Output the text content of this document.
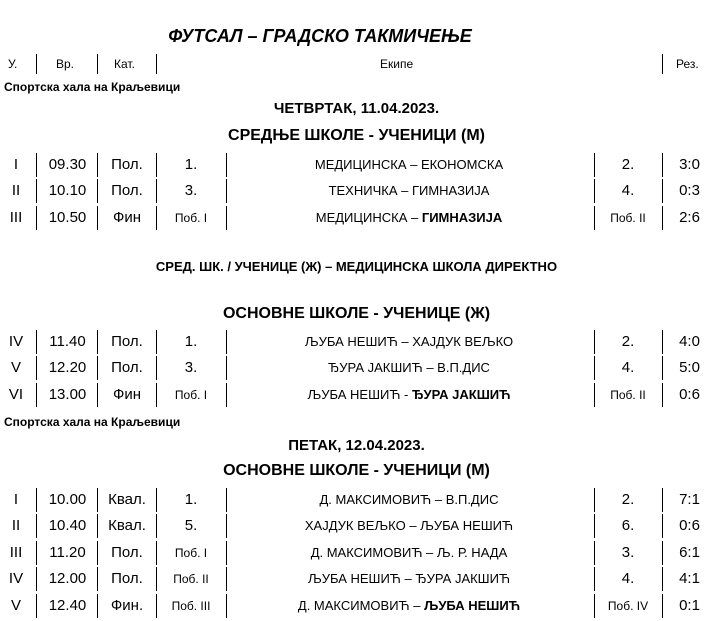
ФУТСАЛ – ГРАДСКО ТАКМИЧЕЊЕ
У.	Вр.	Кат.	Екипе	Рез.
Спортска хала на Краљевици
ЧЕТВРТАК, 11.04.2023.
СРЕДЊЕ ШКОЛЕ - УЧЕНИЦИ (М)
I	09.30	Пол.	1.	МЕДИЦИНСКА – ЕКОНОМСКА	2.	3:0
II	10.10	Пол.	3.	ТЕХНИЧКА – ГИМНАЗИЈА	4.	0:3
III	10.50	Фин	Поб. I	МЕДИЦИНСКА – ГИМНАЗИЈА	Поб. II	2:6
СРЕД. ШК. / УЧЕНИЦЕ (Ж) – МЕДИЦИНСКА ШКОЛА ДИРЕКТНО
ОСНОВНЕ ШКОЛЕ - УЧЕНИЦЕ (Ж)
IV	11.40	Пол.	1.	ЉУБА НЕШИЋ – ХАЈДУК ВЕЉКО	2.	4:0
V	12.20	Пол.	3.	ЂУРА ЈАКШИЋ – В.П.ДИС	4.	5:0
VI	13.00	Фин	Поб. I	ЉУБА НЕШИЋ - ЂУРА ЈАКШИЋ	Поб. II	0:6
Спортска хала на Краљевици
ПЕТАК, 12.04.2023.
ОСНОВНЕ ШКОЛЕ - УЧЕНИЦИ (М)
I	10.00	Квал.	1.	Д. МАКСИМОВИЋ – В.П.ДИС	2.	7:1
II	10.40	Квал.	5.	ХАЈДУК ВЕЉКО – ЉУБА НЕШИЋ	6.	0:6
III	11.20	Пол.	Поб. I	Д. МАКСИМОВИЋ – Љ. Р. НАДА	3.	6:1
IV	12.00	Пол.	Поб. II	ЉУБА НЕШИЋ – ЂУРА ЈАКШИЋ	4.	4:1
V	12.40	Фин.	Поб. III	Д. МАКСИМОВИЋ – ЉУБА НЕШИЋ	Поб. IV	0:1
